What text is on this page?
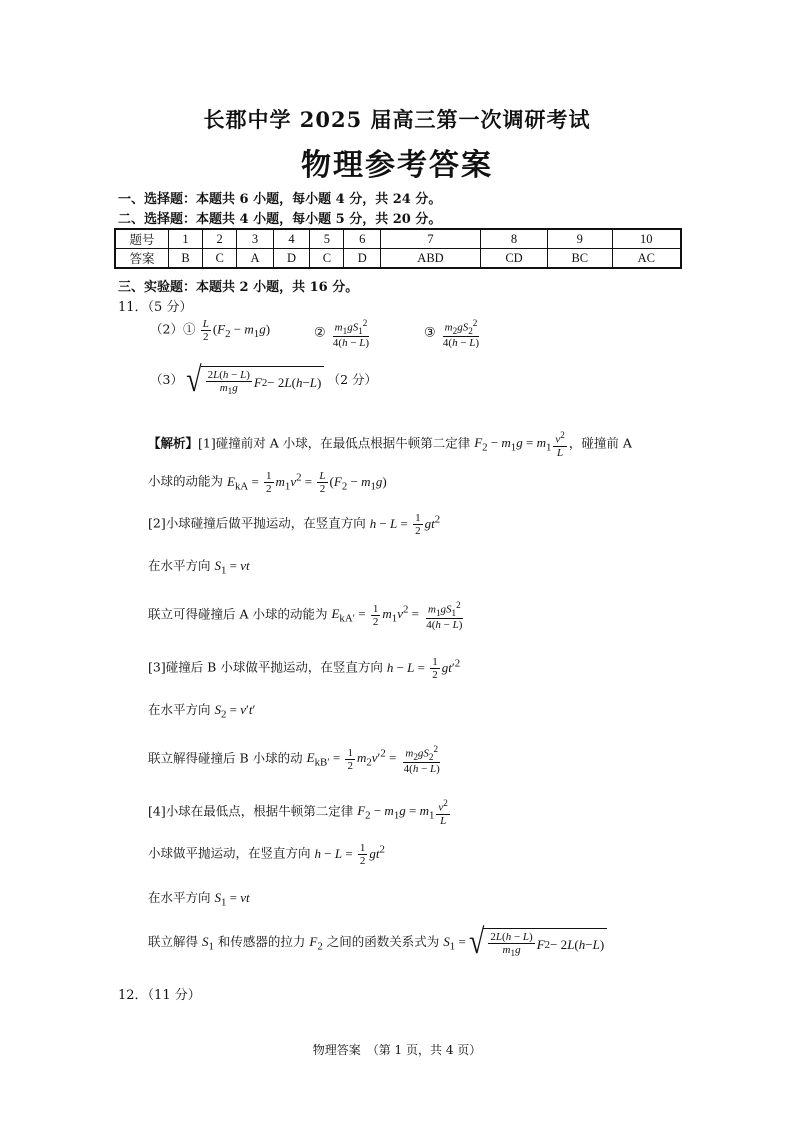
长郡中学 2025 届高三第一次调研考试
物理参考答案
一、选择题：本题共 6 小题，每小题 4 分，共 24 分。
二、选择题：本题共 4 小题，每小题 5 分，共 20 分。
题号	1	2	3	4	5	6	7	8	9	10
答案	B	C	A	D	C	D	ABD	CD	BC	AC
三、实验题：本题共 2 小题，共 16 分。
11．（5 分）
（2）① $\frac{L}{2} (F_2 - m_1g)$	② $\frac{m_1gS_1^2}{4(h - L)}$	③ $\frac{m_2gS_2^2}{4(h - L)}$
（3） √ $\frac{2L(h - L)}{m_1g}$ F 2 − 2 L ( h − L ) （2 分）
【解析】[1]碰撞前对 A 小球，在最低点根据牛顿第二定律 $F_2 - m_1g = m_1 \frac{v^2}{L}$ ，碰撞前 A
小球的动能为 $E_{kA} = \frac{1}{2} m_1v^2 = \frac{L}{2} (F_2 - m_1g)$
[2]小球碰撞后做平抛运动，在竖直方向 $h - L = \frac{1}{2} gt^2$
在水平方向 $S_1$ = vt
联立可得碰撞后 A 小球的动能为 $E_{kA'} = \frac{1}{2} m_1v^2 = \frac{m_1gS_1^2}{4(h - L)}$
[3]碰撞后 B 小球做平抛运动，在竖直方向 $h - L = \frac{1}{2} gt'^2$
在水平方向 $S_2 = v't'$
联立解得碰撞后 B 小球的动 $E_{kB'} = \frac{1}{2} m_2v'^2 = \frac{m_2gS_2^2}{4(h - L)}$
[4]小球在最低点，根据牛顿第二定律 $F_2 - m_1g = m_1 \frac{v^2}{L}$
小球做平抛运动，在竖直方向 $h - L = \frac{1}{2} gt^2$
在水平方向 $S_1$ = vt
联立解得 $S_1$ 和传感器的拉力 $F_2$ 之间的函数关系式为 $S_1$ = √ $\frac{2L(h - L)}{m_1g}$ F 2 − 2 L ( h − L )
12．（11 分）
物理答案　（第 1 页，共 4 页）
